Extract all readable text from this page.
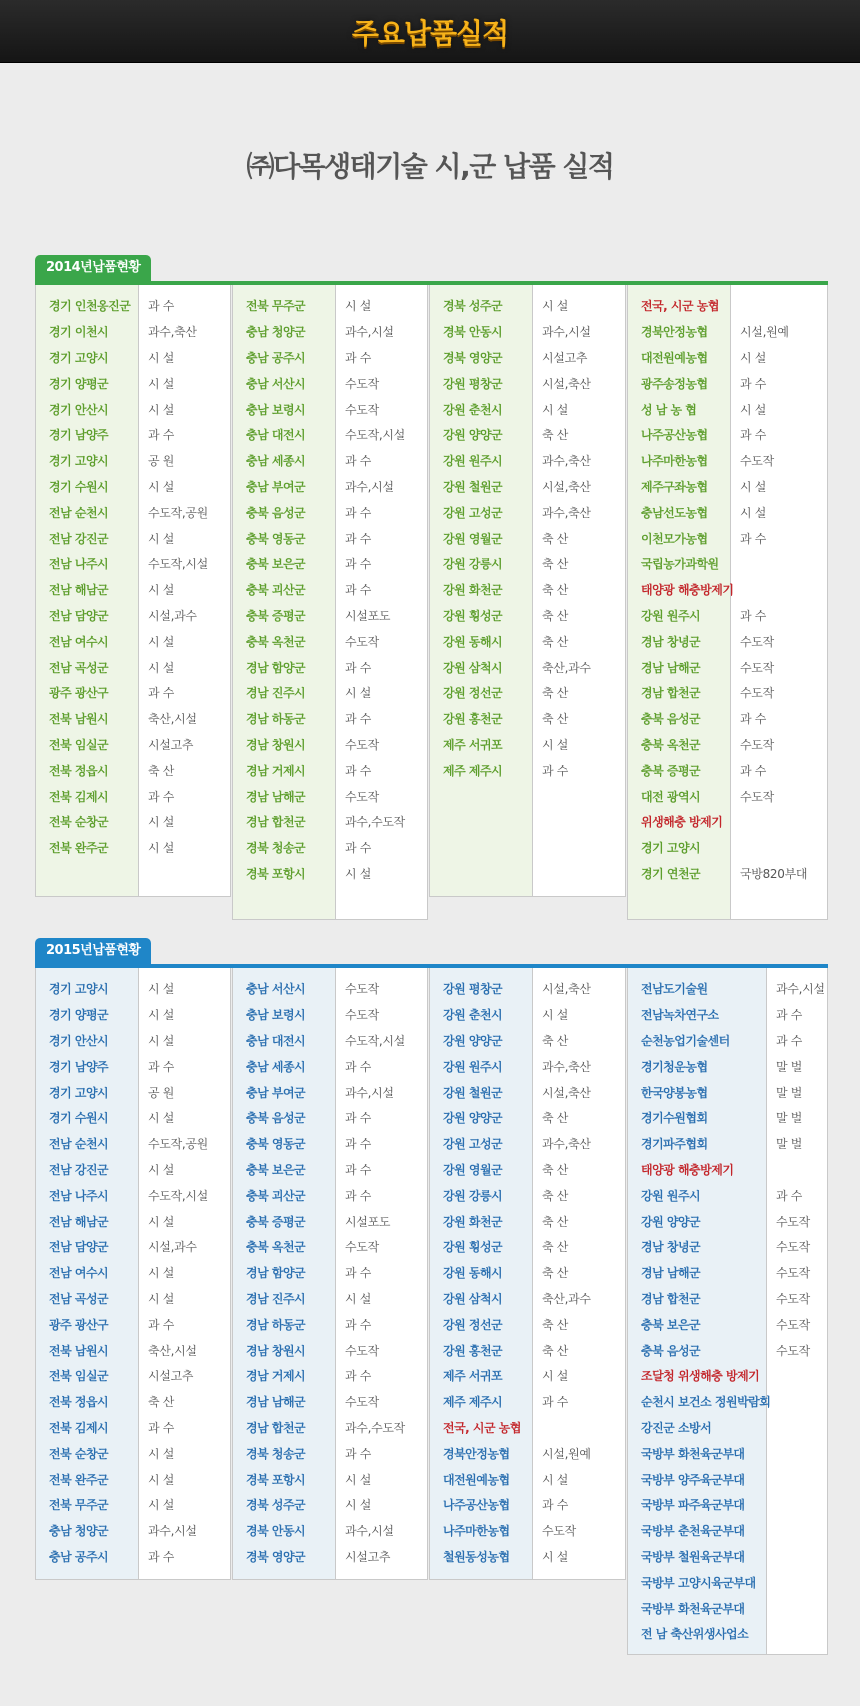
주요납품실적
㈜다목생태기술 시,군 납품 실적
2014년납품현황
경기 인천옹진군	과 수
경기 이천시	과수,축산
경기 고양시	시 설
경기 양평군	시 설
경기 안산시	시 설
경기 남양주	과 수
경기 고양시	공 원
경기 수원시	시 설
전남 순천시	수도작,공원
전남 강진군	시 설
전남 나주시	수도작,시설
전남 해남군	시 설
전남 담양군	시설,과수
전남 여수시	시 설
전남 곡성군	시 설
광주 광산구	과 수
전북 남원시	축산,시설
전북 임실군	시설고추
전북 정읍시	축 산
전북 김제시	과 수
전북 순창군	시 설
전북 완주군	시 설
전북 무주군	시 설
충남 청양군	과수,시설
충남 공주시	과 수
충남 서산시	수도작
충남 보령시	수도작
충남 대전시	수도작,시설
충남 세종시	과 수
충남 부여군	과수,시설
충북 음성군	과 수
충북 영동군	과 수
충북 보은군	과 수
충북 괴산군	과 수
충북 증평군	시설포도
충북 옥천군	수도작
경남 함양군	과 수
경남 진주시	시 설
경남 하동군	과 수
경남 창원시	수도작
경남 거제시	과 수
경남 남해군	수도작
경남 합천군	과수,수도작
경북 청송군	과 수
경북 포항시	시 설
경북 성주군	시 설
경북 안동시	과수,시설
경북 영양군	시설고추
강원 평창군	시설,축산
강원 춘천시	시 설
강원 양양군	축 산
강원 원주시	과수,축산
강원 철원군	시설,축산
강원 고성군	과수,축산
강원 영월군	축 산
강원 강릉시	축 산
강원 화천군	축 산
강원 횡성군	축 산
강원 동해시	축 산
강원 삼척시	축산,과수
강원 정선군	축 산
강원 홍천군	축 산
제주 서귀포	시 설
제주 제주시	과 수
전국, 시군 농협
경북안정농협	시설,원예
대전원예농협	시 설
광주송정농협	과 수
성 남 농 협	시 설
나주공산농협	과 수
나주마한농협	수도작
제주구좌농협	시 설
충남선도농협	시 설
이천모가농협	과 수
국립농가과학원
태양광 해충방제기
강원 원주시	과 수
경남 창녕군	수도작
경남 남해군	수도작
경남 합천군	수도작
충북 음성군	과 수
충북 옥천군	수도작
충북 증평군	과 수
대전 광역시	수도작
위생해충 방제기
경기 고양시
경기 연천군	국방820부대
2015년납품현황
경기 고양시	시 설
경기 양평군	시 설
경기 안산시	시 설
경기 남양주	과 수
경기 고양시	공 원
경기 수원시	시 설
전남 순천시	수도작,공원
전남 강진군	시 설
전남 나주시	수도작,시설
전남 해남군	시 설
전남 담양군	시설,과수
전남 여수시	시 설
전남 곡성군	시 설
광주 광산구	과 수
전북 남원시	축산,시설
전북 임실군	시설고추
전북 정읍시	축 산
전북 김제시	과 수
전북 순창군	시 설
전북 완주군	시 설
전북 무주군	시 설
충남 청양군	과수,시설
충남 공주시	과 수
충남 서산시	수도작
충남 보령시	수도작
충남 대전시	수도작,시설
충남 세종시	과 수
충남 부여군	과수,시설
충북 음성군	과 수
충북 영동군	과 수
충북 보은군	과 수
충북 괴산군	과 수
충북 증평군	시설포도
충북 옥천군	수도작
경남 함양군	과 수
경남 진주시	시 설
경남 하동군	과 수
경남 창원시	수도작
경남 거제시	과 수
경남 남해군	수도작
경남 합천군	과수,수도작
경북 청송군	과 수
경북 포항시	시 설
경북 성주군	시 설
경북 안동시	과수,시설
경북 영양군	시설고추
강원 평창군	시설,축산
강원 춘천시	시 설
강원 양양군	축 산
강원 원주시	과수,축산
강원 철원군	시설,축산
강원 양양군	축 산
강원 고성군	과수,축산
강원 영월군	축 산
강원 강릉시	축 산
강원 화천군	축 산
강원 횡성군	축 산
강원 동해시	축 산
강원 삼척시	축산,과수
강원 정선군	축 산
강원 홍천군	축 산
제주 서귀포	시 설
제주 제주시	과 수
전국, 시군 농협
경북안정농협	시설,원예
대전원예농협	시 설
나주공산농협	과 수
나주마한농협	수도작
철원동성농협	시 설
전남도기술원	과수,시설
전남녹차연구소	과 수
순천농업기술센터	과 수
경기청운농협	말 벌
한국양봉농협	말 벌
경기수원협회	말 벌
경기파주협회	말 벌
태양광 해충방제기
강원 원주시	과 수
강원 양양군	수도작
경남 창녕군	수도작
경남 남해군	수도작
경남 합천군	수도작
충북 보은군	수도작
충북 음성군	수도작
조달청 위생해충 방제기
순천시 보건소 정원박람회
강진군 소방서
국방부 화천육군부대
국방부 양주육군부대
국방부 파주육군부대
국방부 춘천육군부대
국방부 철원육군부대
국방부 고양시육군부대
국방부 화천육군부대
전 남 축산위생사업소
